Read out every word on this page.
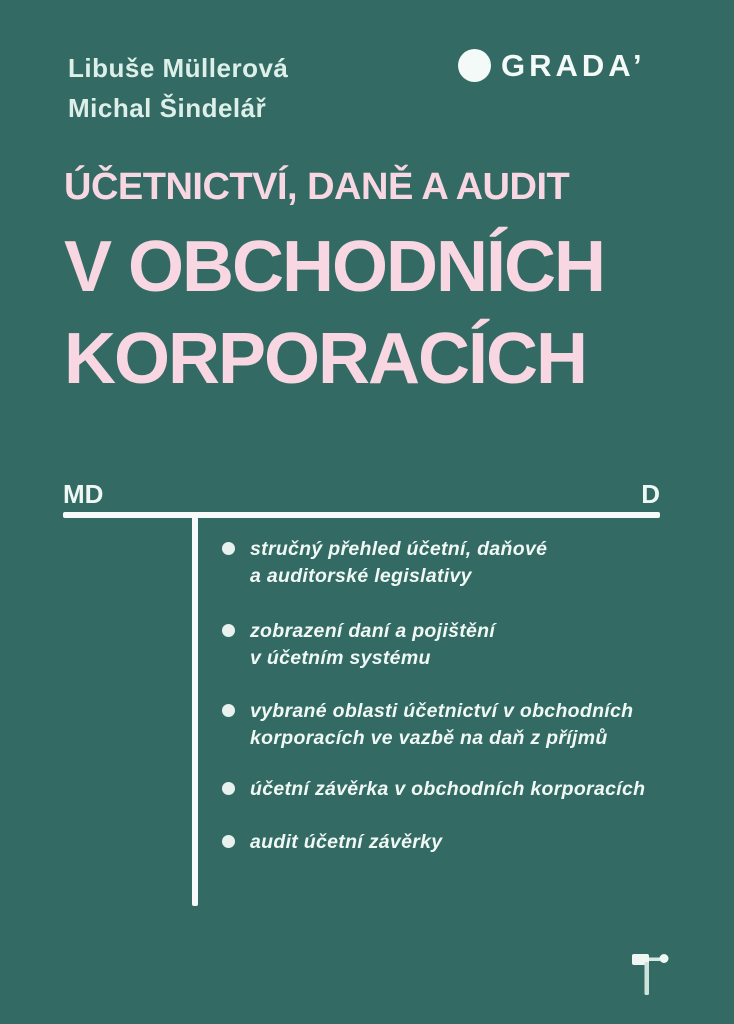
Libuše Müllerová
Michal Šindelář
GRADA’
ÚČETNICTVÍ, DANĚ A AUDIT
V OBCHODNÍCH
KORPORACÍCH
MD	D
stručný přehled účetní, daňové
a auditorské legislativy
zobrazení daní a pojištění
v účetním systému
vybrané oblasti účetnictví v obchodních
korporacích ve vazbě na daň z příjmů
účetní závěrka v obchodních korporacích
audit účetní závěrky
